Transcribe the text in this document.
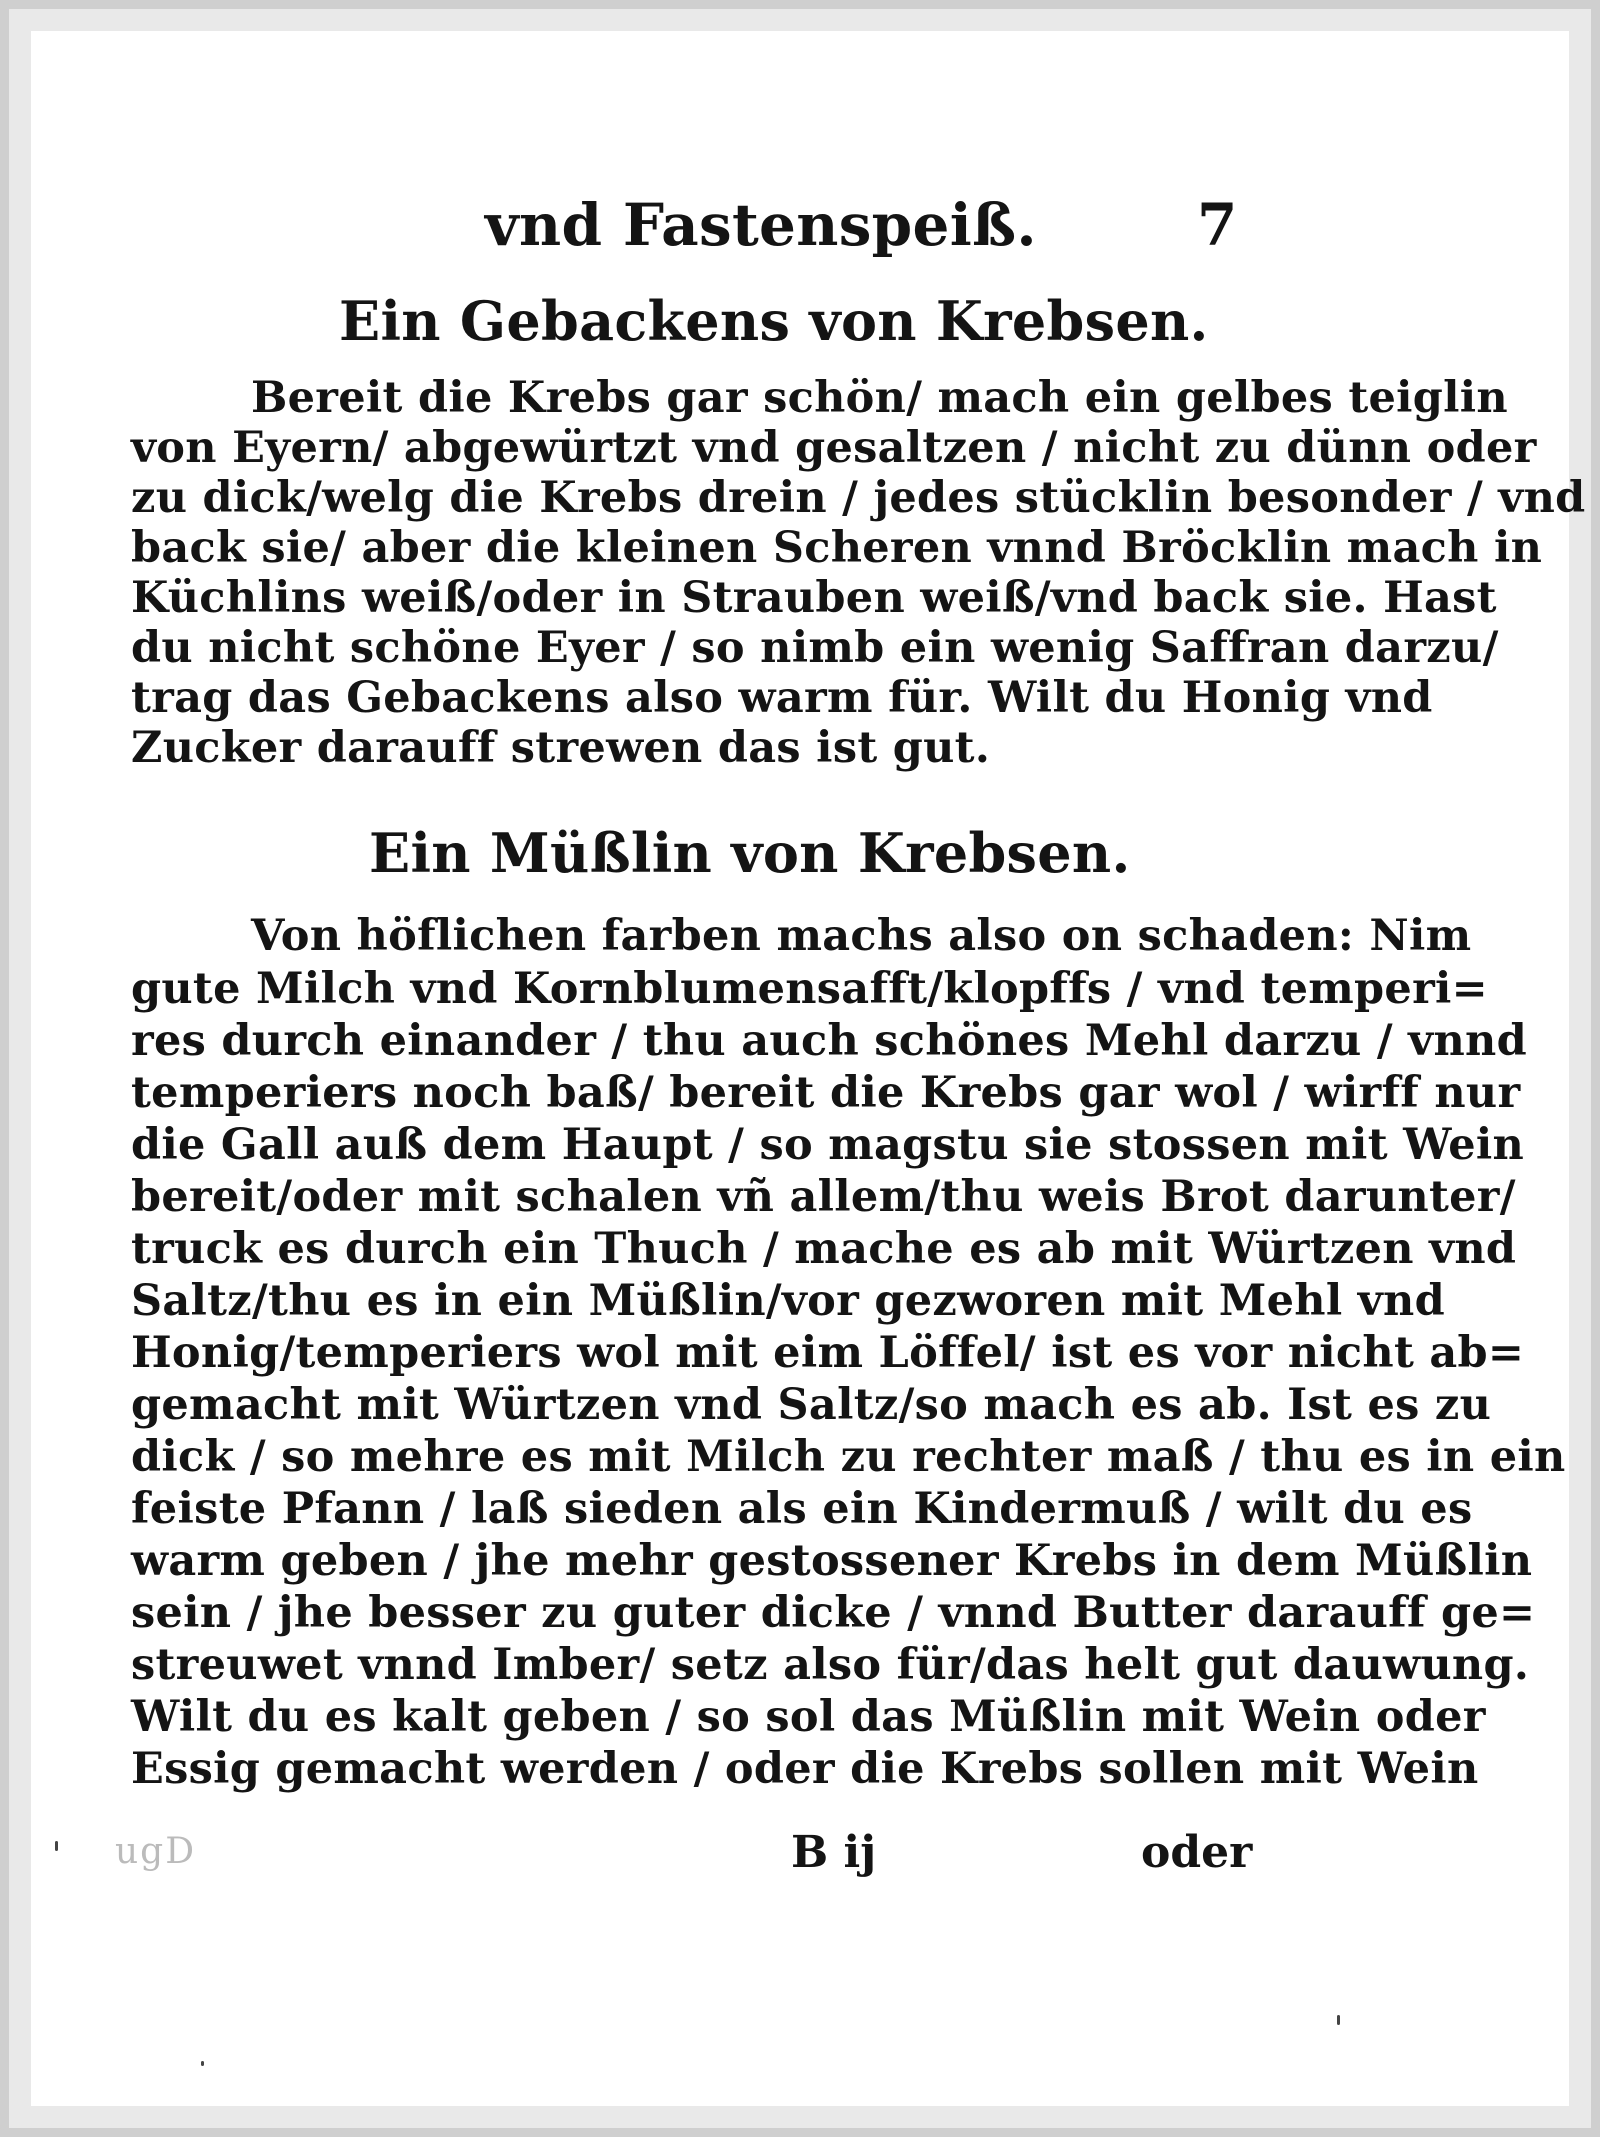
vnd Fastenspeiß.	7
Ein Gebackens von Krebsen.
Bereit die Krebs gar schön/ mach ein gelbes teiglin
von Eyern/ abgewürtzt vnd gesaltzen / nicht zu dünn oder
zu dick/welg die Krebs drein / jedes stücklin besonder / vnd
back sie/ aber die kleinen Scheren vnnd Bröcklin mach in
Küchlins weiß/oder in Strauben weiß/vnd back sie. Hast
du nicht schöne Eyer / so nimb ein wenig Saffran darzu/
trag das Gebackens also warm für. Wilt du Honig vnd
Zucker darauff strewen das ist gut.
Ein Müßlin von Krebsen.
Von höflichen farben machs also on schaden: Nim
gute Milch vnd Kornblumensafft/klopffs / vnd temperi=
res durch einander / thu auch schönes Mehl darzu / vnnd
temperiers noch baß/ bereit die Krebs gar wol / wirff nur
die Gall auß dem Haupt / so magstu sie stossen mit Wein
bereit/oder mit schalen vñ allem/thu weis Brot darunter/
truck es durch ein Thuch / mache es ab mit Würtzen vnd
Saltz/thu es in ein Müßlin/vor gezworen mit Mehl vnd
Honig/temperiers wol mit eim Löffel/ ist es vor nicht ab=
gemacht mit Würtzen vnd Saltz/so mach es ab. Ist es zu
dick / so mehre es mit Milch zu rechter maß / thu es in ein
feiste Pfann / laß sieden als ein Kindermuß / wilt du es
warm geben / jhe mehr gestossener Krebs in dem Müßlin
sein / jhe besser zu guter dicke / vnnd Butter darauff ge=
streuwet vnnd Imber/ setz also für/das helt gut dauwung.
Wilt du es kalt geben / so sol das Müßlin mit Wein oder
Essig gemacht werden / oder die Krebs sollen mit Wein
ugD	B ij	oder
